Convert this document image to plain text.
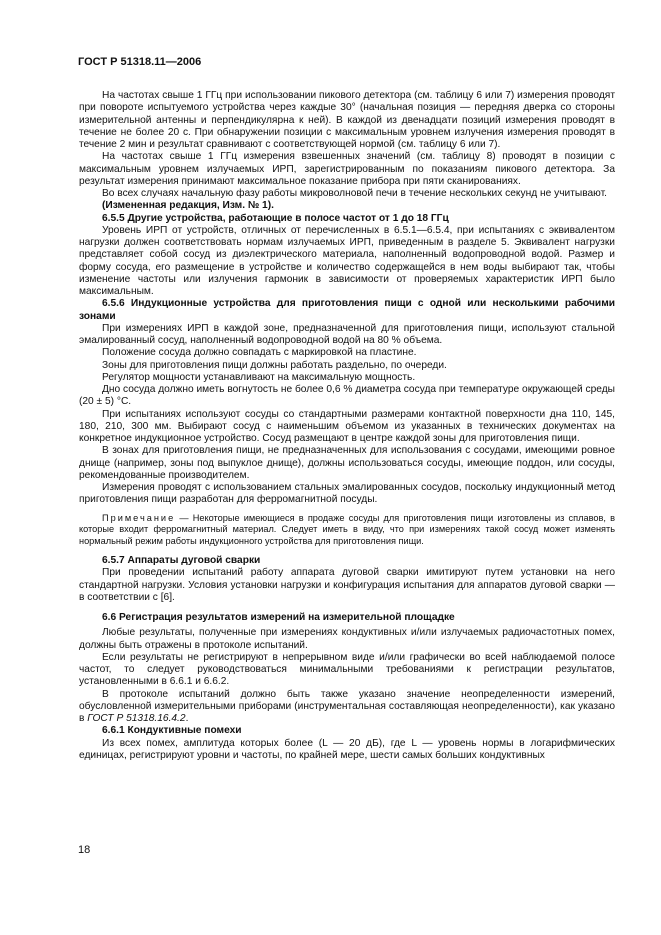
ГОСТ Р 51318.11—2006

На частотах свыше 1 ГГц при использовании пикового детектора (см. таблицу 6 или 7) измерения проводят при повороте испытуемого устройства через каждые 30° (начальная позиция — передняя дверка со стороны измерительной антенны и перпендикулярна к ней). В каждой из двенадцати позиций измерения проводят в течение не более 20 с. При обнаружении позиции с максимальным уровнем излучения измерения проводят в течение 2 мин и результат сравнивают с соответствующей нормой (см. таблицу 6 или 7).

На частотах свыше 1 ГГц измерения взвешенных значений (см. таблицу 8) проводят в позиции с максимальным уровнем излучаемых ИРП, зарегистрированным по показаниям пикового детектора. За результат измерения принимают максимальное показание прибора при пяти сканированиях.

Во всех случаях начальную фазу работы микроволновой печи в течение нескольких секунд не учитывают.

(Измененная редакция, Изм. № 1).

6.5.5 Другие устройства, работающие в полосе частот от 1 до 18 ГГц

Уровень ИРП от устройств, отличных от перечисленных в 6.5.1—6.5.4, при испытаниях с эквивалентом нагрузки должен соответствовать нормам излучаемых ИРП, приведенным в разделе 5. Эквивалент нагрузки представляет собой сосуд из диэлектрического материала, наполненный водопроводной водой. Размер и форму сосуда, его размещение в устройстве и количество содержащейся в нем воды выбирают так, чтобы изменение частоты или излучения гармоник в зависимости от проверяемых характеристик ИРП было максимальным.

6.5.6 Индукционные устройства для приготовления пищи с одной или несколькими рабочими зонами

При измерениях ИРП в каждой зоне, предназначенной для приготовления пищи, используют стальной эмалированный сосуд, наполненный водопроводной водой на 80 % объема.

Положение сосуда должно совпадать с маркировкой на пластине.

Зоны для приготовления пищи должны работать раздельно, по очереди.

Регулятор мощности устанавливают на максимальную мощность.

Дно сосуда должно иметь вогнутость не более 0,6 % диаметра сосуда при температуре окружающей среды (20 ± 5) °С.

При испытаниях используют сосуды со стандартными размерами контактной поверхности дна 110, 145, 180, 210, 300 мм. Выбирают сосуд с наименьшим объемом из указанных в технических документах на конкретное индукционное устройство. Сосуд размещают в центре каждой зоны для приготовления пищи.

В зонах для приготовления пищи, не предназначенных для использования с сосудами, имеющими ровное днище (например, зоны под выпуклое днище), должны использоваться сосуды, имеющие поддон, или сосуды, рекомендованные производителем.

Измерения проводят с использованием стальных эмалированных сосудов, поскольку индукционный метод приготовления пищи разработан для ферромагнитной посуды.

Примечание — Некоторые имеющиеся в продаже сосуды для приготовления пищи изготовлены из сплавов, в которые входит ферромагнитный материал. Следует иметь в виду, что при измерениях такой сосуд может изменять нормальный режим работы индукционного устройства для приготовления пищи.

6.5.7 Аппараты дуговой сварки

При проведении испытаний работу аппарата дуговой сварки имитируют путем установки на него стандартной нагрузки. Условия установки нагрузки и конфигурация испытания для аппаратов дуговой сварки — в соответствии с [6].

6.6 Регистрация результатов измерений на измерительной площадке

Любые результаты, полученные при измерениях кондуктивных и/или излучаемых радиочастотных помех, должны быть отражены в протоколе испытаний.

Если результаты не регистрируют в непрерывном виде и/или графически во всей наблюдаемой полосе частот, то следует руководствоваться минимальными требованиями к регистрации результатов, установленными в 6.6.1 и 6.6.2.

В протоколе испытаний должно быть также указано значение неопределенности измерений, обусловленной измерительными приборами (инструментальная составляющая неопределенности), как указано в ГОСТ Р 51318.16.4.2.

6.6.1 Кондуктивные помехи

Из всех помех, амплитуда которых более (L — 20 дБ), где L — уровень нормы в логарифмических единицах, регистрируют уровни и частоты, по крайней мере, шести самых больших кондуктивных

18
